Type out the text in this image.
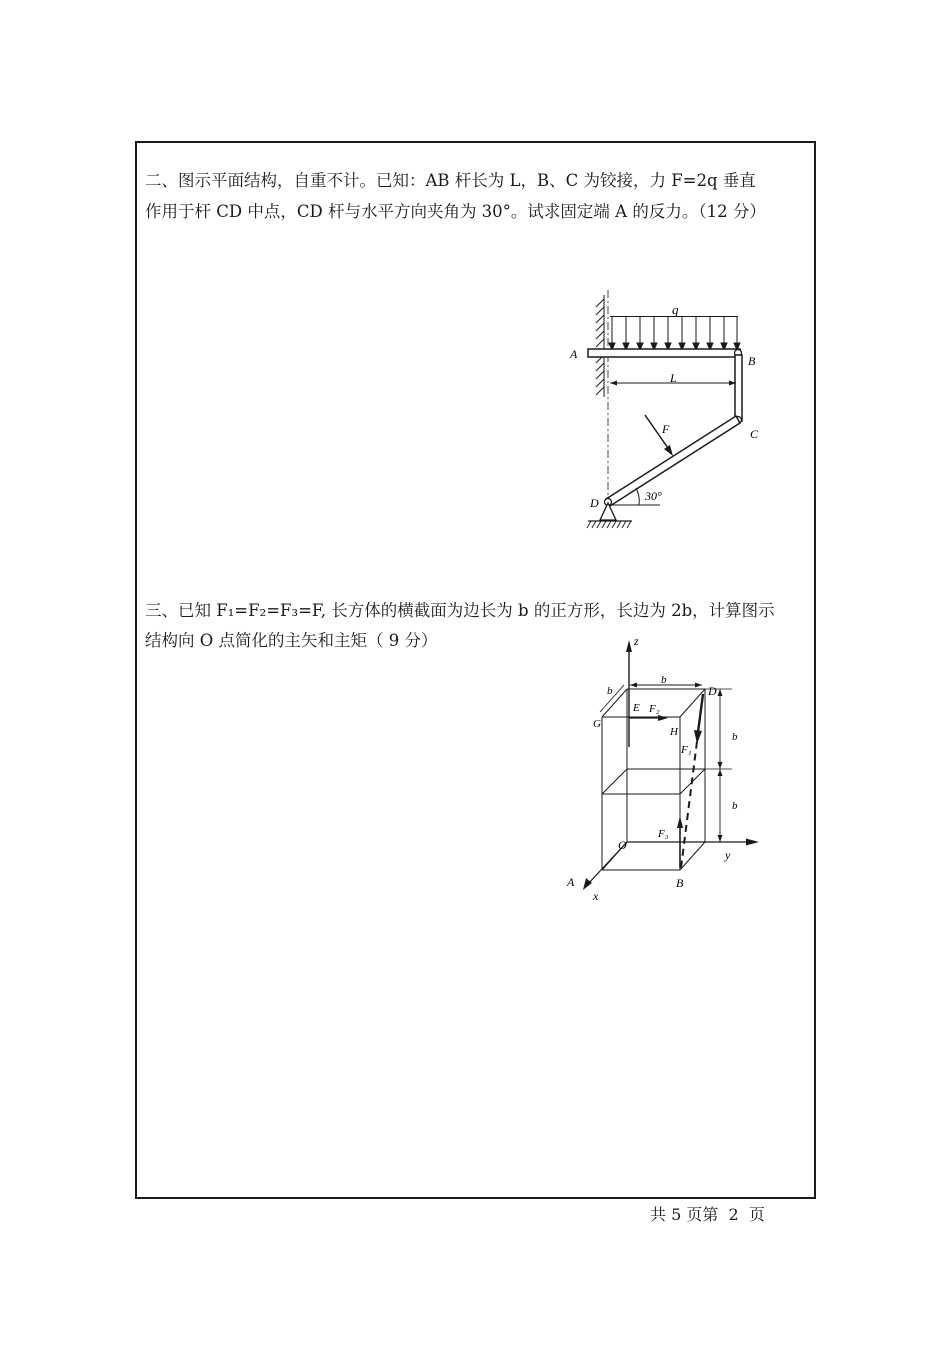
二、图示平面结构，自重不计。已知：AB 杆长为 L，B、C 为铰接，力 F=2q 垂直
作用于杆 CD 中点，CD 杆与水平方向夹角为 30°。试求固定端 A 的反力。（12 分）
q
A	B
L
F	C
D	30°
三、已知 F₁=F₂=F₃=F, 长方体的横截面为边长为 b 的正方形，长边为 2b，计算图示
结构向 O 点简化的主矢和主矩（ 9 分）	z
b
b	D
E F₂
G
H
F₁
b
b
F₃
O
y
A	B
x
共 5 页第  2  页
